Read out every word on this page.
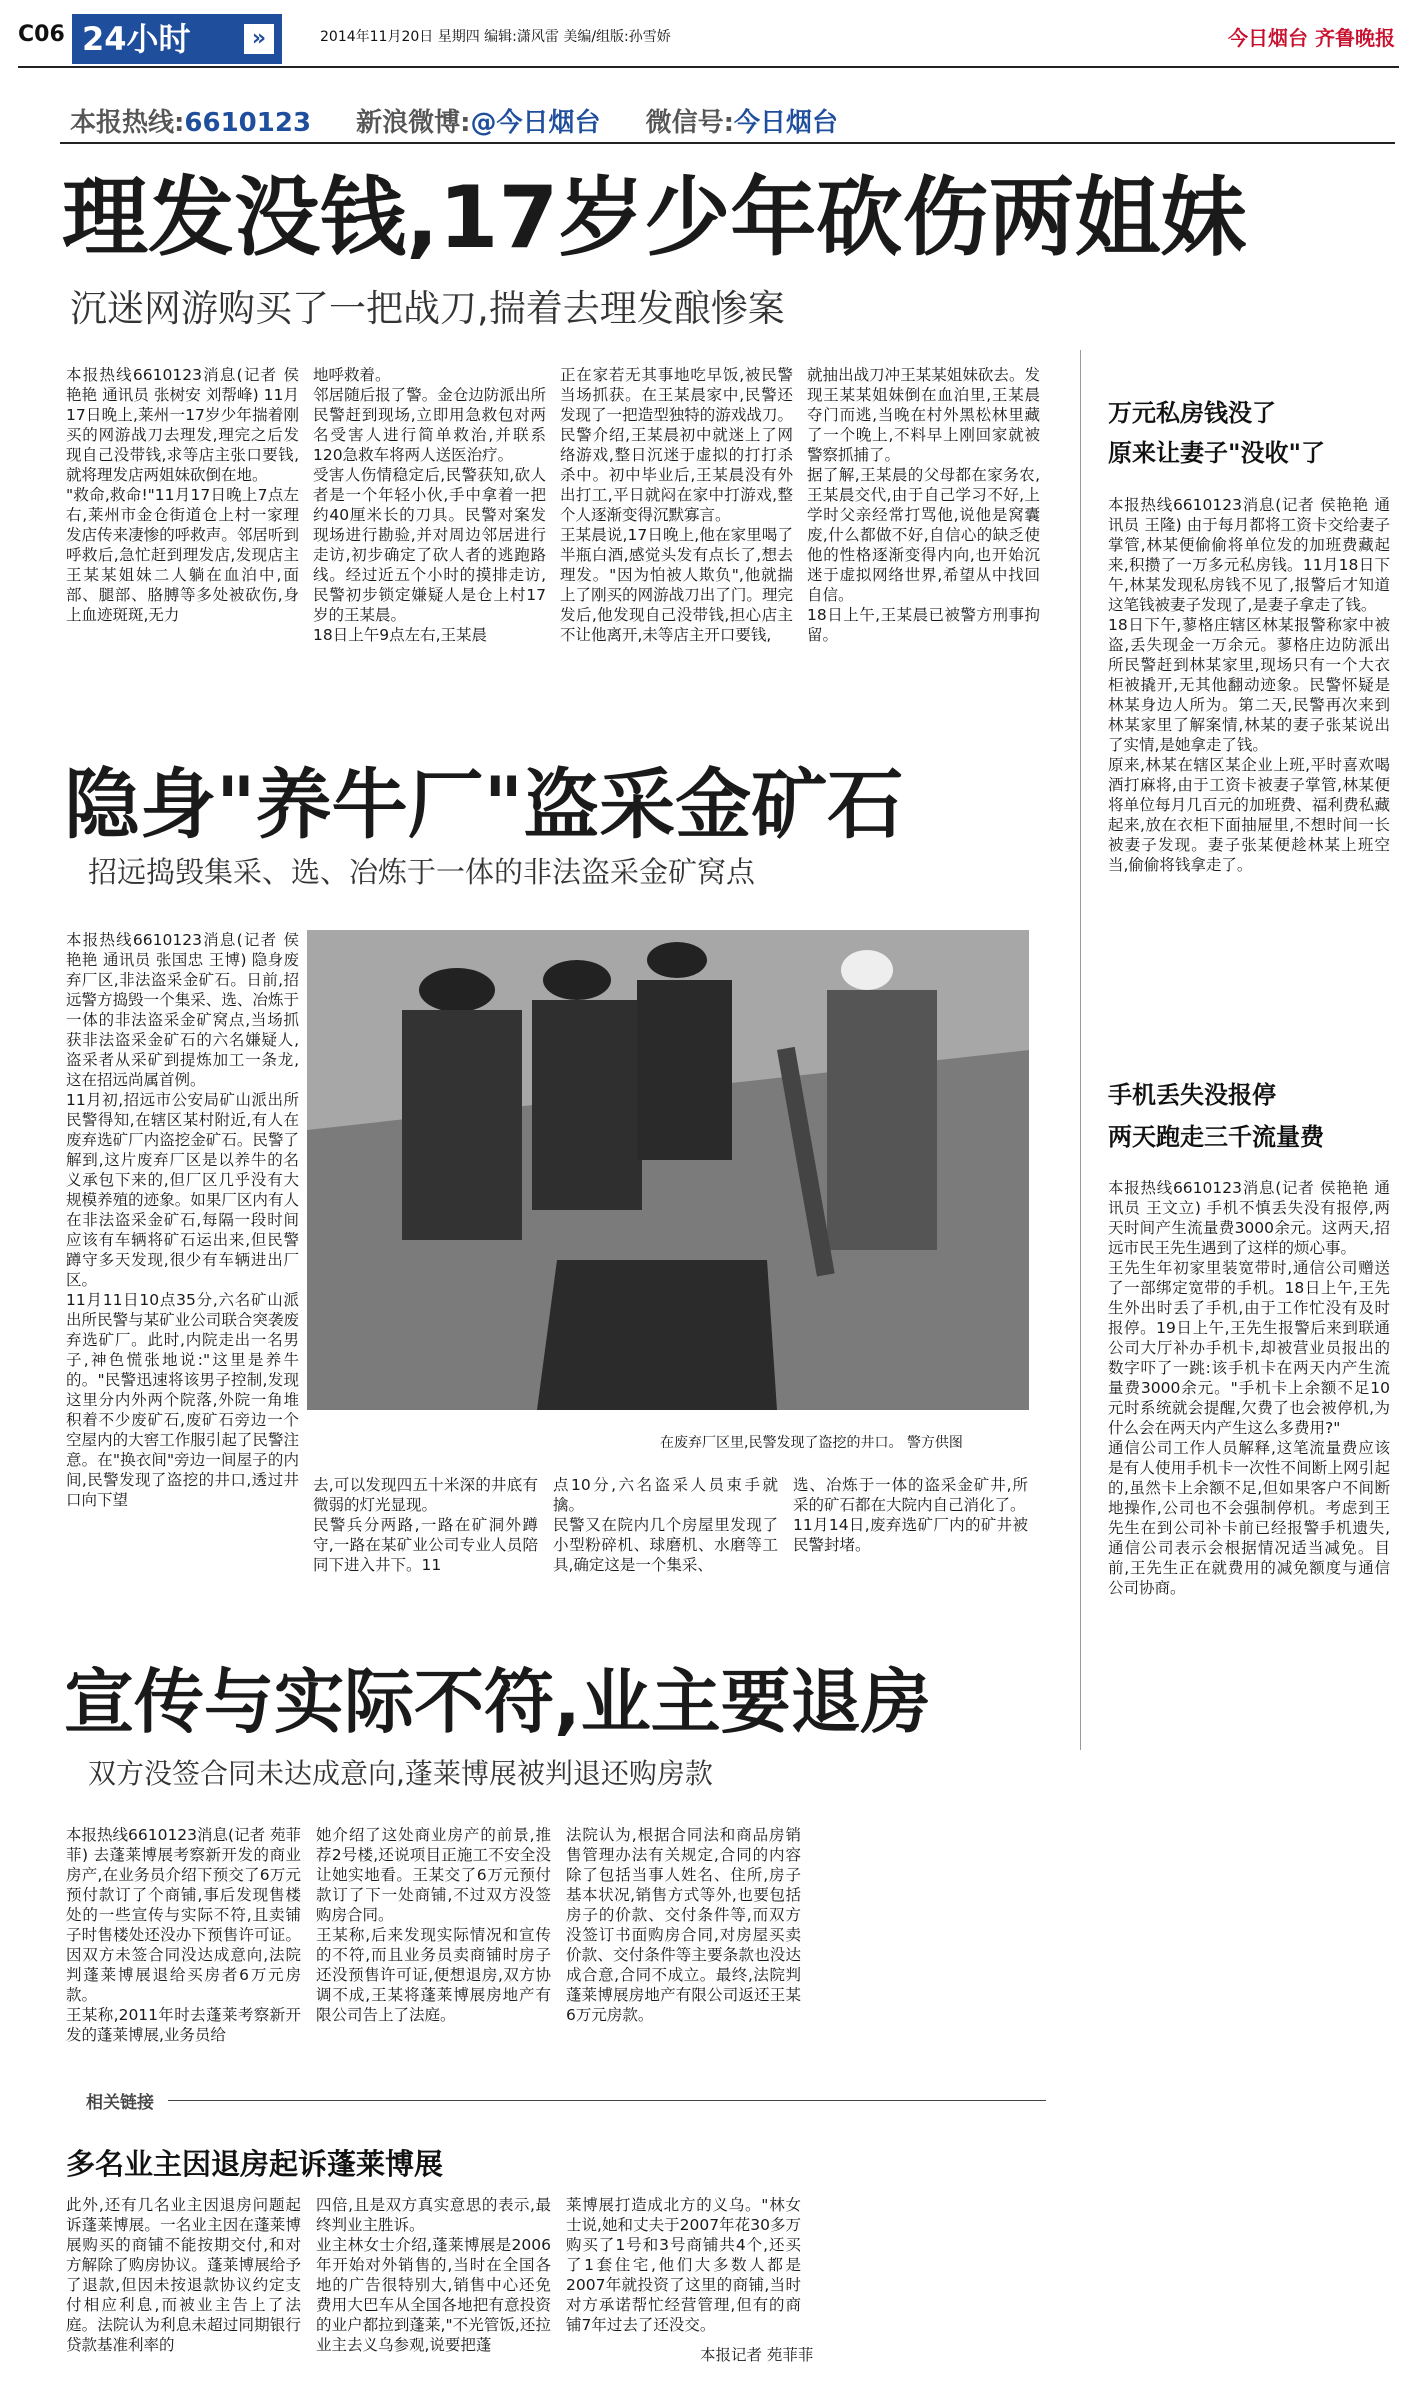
C06 24小时	»	2014年11月20日 星期四 编辑:潇风雷 美编/组版:孙雪娇	今日烟台 齐鲁晚报
本报热线:6610123 新浪微博:@今日烟台 微信号:今日烟台
理发没钱,17岁少年砍伤两姐妹
沉迷网游购买了一把战刀,揣着去理发酿惨案
本报热线6610123消息(记者 侯艳艳 通讯员 张树安 刘帮峰) 11月17日晚上,莱州一17岁少年揣着刚买的网游战刀去理发,理完之后发现自己没带钱,求等店主张口要钱,就将理发店两姐妹砍倒在地。
"救命,救命!"11月17日晚上7点左右,莱州市金仓街道仓上村一家理发店传来凄惨的呼救声。邻居听到呼救后,急忙赶到理发店,发现店主王某某姐妹二人躺在血泊中,面部、腿部、胳膊等多处被砍伤,身上血迹斑斑,无力
地呼救着。
邻居随后报了警。金仓边防派出所民警赶到现场,立即用急救包对两名受害人进行简单救治,并联系120急救车将两人送医治疗。
受害人伤情稳定后,民警获知,砍人者是一个年轻小伙,手中拿着一把约40厘米长的刀具。民警对案发现场进行勘验,并对周边邻居进行走访,初步确定了砍人者的逃跑路线。经过近五个小时的摸排走访,民警初步锁定嫌疑人是仓上村17岁的王某晨。
18日上午9点左右,王某晨
正在家若无其事地吃早饭,被民警当场抓获。在王某晨家中,民警还发现了一把造型独特的游戏战刀。民警介绍,王某晨初中就迷上了网络游戏,整日沉迷于虚拟的打打杀杀中。初中毕业后,王某晨没有外出打工,平日就闷在家中打游戏,整个人逐渐变得沉默寡言。
王某晨说,17日晚上,他在家里喝了半瓶白酒,感觉头发有点长了,想去理发。"因为怕被人欺负",他就揣上了刚买的网游战刀出了门。理完发后,他发现自己没带钱,担心店主不让他离开,未等店主开口要钱,
就抽出战刀冲王某某姐妹砍去。发现王某某姐妹倒在血泊里,王某晨夺门而逃,当晚在村外黑松林里藏了一个晚上,不料早上刚回家就被警察抓捕了。
据了解,王某晨的父母都在家务农,王某晨交代,由于自己学习不好,上学时父亲经常打骂他,说他是窝囊废,什么都做不好,自信心的缺乏使他的性格逐渐变得内向,也开始沉迷于虚拟网络世界,希望从中找回自信。
18日上午,王某晨已被警方刑事拘留。
万元私房钱没了
原来让妻子"没收"了
本报热线6610123消息(记者 侯艳艳 通讯员 王隆) 由于每月都将工资卡交给妻子掌管,林某便偷偷将单位发的加班费藏起来,积攒了一万多元私房钱。11月18日下午,林某发现私房钱不见了,报警后才知道这笔钱被妻子发现了,是妻子拿走了钱。
18日下午,蓼格庄辖区林某报警称家中被盗,丢失现金一万余元。蓼格庄边防派出所民警赶到林某家里,现场只有一个大衣柜被撬开,无其他翻动迹象。民警怀疑是林某身边人所为。第二天,民警再次来到林某家里了解案情,林某的妻子张某说出了实情,是她拿走了钱。
原来,林某在辖区某企业上班,平时喜欢喝酒打麻将,由于工资卡被妻子掌管,林某便将单位每月几百元的加班费、福利费私藏起来,放在衣柜下面抽屉里,不想时间一长被妻子发现。妻子张某便趁林某上班空当,偷偷将钱拿走了。
隐身"养牛厂"盗采金矿石
招远捣毁集采、选、冶炼于一体的非法盗采金矿窝点
本报热线6610123消息(记者 侯艳艳 通讯员 张国忠 王博) 隐身废弃厂区,非法盗采金矿石。日前,招远警方捣毁一个集采、选、冶炼于一体的非法盗采金矿窝点,当场抓获非法盗采金矿石的六名嫌疑人,盗采者从采矿到提炼加工一条龙,这在招远尚属首例。
11月初,招远市公安局矿山派出所民警得知,在辖区某村附近,有人在废弃选矿厂内盗挖金矿石。民警了解到,这片废弃厂区是以养牛的名义承包下来的,但厂区几乎没有大规模养殖的迹象。如果厂区内有人在非法盗采金矿石,每隔一段时间应该有车辆将矿石运出来,但民警蹲守多天发现,很少有车辆进出厂区。
11月11日10点35分,六名矿山派出所民警与某矿业公司联合突袭废弃选矿厂。此时,内院走出一名男子,神色慌张地说:"这里是养牛的。"民警迅速将该男子控制,发现这里分内外两个院落,外院一角堆积着不少废矿石,废矿石旁边一个空屋内的大窖工作服引起了民警注意。在"换衣间"旁边一间屋子的内间,民警发现了盗挖的井口,透过井口向下望
在废弃厂区里,民警发现了盗挖的井口。 警方供图
去,可以发现四五十米深的井底有微弱的灯光显现。
民警兵分两路,一路在矿洞外蹲守,一路在某矿业公司专业人员陪同下进入井下。11
点10分,六名盗采人员束手就擒。
民警又在院内几个房屋里发现了小型粉碎机、球磨机、水磨等工具,确定这是一个集采、
选、冶炼于一体的盗采金矿井,所采的矿石都在大院内自己消化了。
11月14日,废弃选矿厂内的矿井被民警封堵。
手机丢失没报停
两天跑走三千流量费
本报热线6610123消息(记者 侯艳艳 通讯员 王文立) 手机不慎丢失没有报停,两天时间产生流量费3000余元。这两天,招远市民王先生遇到了这样的烦心事。
王先生年初家里装宽带时,通信公司赠送了一部绑定宽带的手机。18日上午,王先生外出时丢了手机,由于工作忙没有及时报停。19日上午,王先生报警后来到联通公司大厅补办手机卡,却被营业员报出的数字吓了一跳:该手机卡在两天内产生流量费3000余元。"手机卡上余额不足10元时系统就会提醒,欠费了也会被停机,为什么会在两天内产生这么多费用?"
通信公司工作人员解释,这笔流量费应该是有人使用手机卡一次性不间断上网引起的,虽然卡上余额不足,但如果客户不间断地操作,公司也不会强制停机。考虑到王先生在到公司补卡前已经报警手机遗失,通信公司表示会根据情况适当减免。目前,王先生正在就费用的减免额度与通信公司协商。
宣传与实际不符,业主要退房
双方没签合同未达成意向,蓬莱博展被判退还购房款
本报热线6610123消息(记者 苑菲菲) 去蓬莱博展考察新开发的商业房产,在业务员介绍下预交了6万元预付款订了个商铺,事后发现售楼处的一些宣传与实际不符,且卖铺子时售楼处还没办下预售许可证。因双方未签合同没达成意向,法院判蓬莱博展退给买房者6万元房款。
王某称,2011年时去蓬莱考察新开发的蓬莱博展,业务员给
她介绍了这处商业房产的前景,推荐2号楼,还说项目正施工不安全没让她实地看。王某交了6万元预付款订了下一处商铺,不过双方没签购房合同。
王某称,后来发现实际情况和宣传的不符,而且业务员卖商铺时房子还没预售许可证,便想退房,双方协调不成,王某将蓬莱博展房地产有限公司告上了法庭。
法院认为,根据合同法和商品房销售管理办法有关规定,合同的内容除了包括当事人姓名、住所,房子基本状况,销售方式等外,也要包括房子的价款、交付条件等,而双方没签订书面购房合同,对房屋买卖价款、交付条件等主要条款也没达成合意,合同不成立。最终,法院判蓬莱博展房地产有限公司返还王某6万元房款。
相关链接
多名业主因退房起诉蓬莱博展
此外,还有几名业主因退房问题起诉蓬莱博展。一名业主因在蓬莱博展购买的商铺不能按期交付,和对方解除了购房协议。蓬莱博展给予了退款,但因未按退款协议约定支付相应利息,而被业主告上了法庭。法院认为利息未超过同期银行贷款基准利率的
四倍,且是双方真实意思的表示,最终判业主胜诉。
业主林女士介绍,蓬莱博展是2006年开始对外销售的,当时在全国各地的广告很特别大,销售中心还免费用大巴车从全国各地把有意投资的业户都拉到蓬莱,"不光管饭,还拉业主去义乌参观,说要把蓬
莱博展打造成北方的义乌。"林女士说,她和丈夫于2007年花30多万购买了1号和3号商铺共4个,还买了1套住宅,他们大多数人都是2007年就投资了这里的商铺,当时对方承诺帮忙经营管理,但有的商铺7年过去了还没交。
本报记者 苑菲菲
